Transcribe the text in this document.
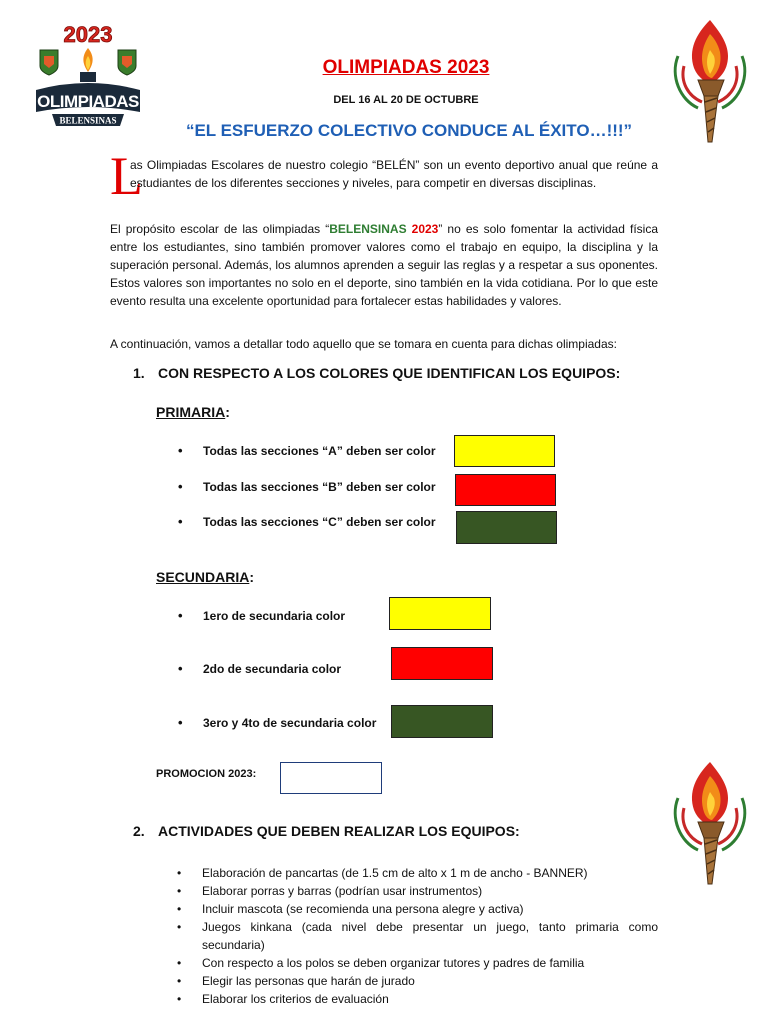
2023
OLIMPIADAS
BELENSINAS
OLIMPIADAS 2023
DEL 16 AL 20 DE OCTUBRE
“EL ESFUERZO COLECTIVO CONDUCE AL ÉXITO…!!!”
L
as Olimpiadas Escolares de nuestro colegio “BELÉN” son un evento deportivo anual que reúne a estudiantes de los diferentes secciones y niveles, para competir en diversas disciplinas.
El propósito escolar de las olimpiadas “BELENSINAS 2023” no es solo fomentar la actividad física entre los estudiantes, sino también promover valores como el trabajo en equipo, la disciplina y la superación personal. Además, los alumnos aprenden a seguir las reglas y a respetar a sus oponentes. Estos valores son importantes no solo en el deporte, sino también en la vida cotidiana. Por lo que este evento resulta una excelente oportunidad para fortalecer estas habilidades y valores.
A continuación, vamos a detallar todo aquello que se tomara en cuenta para dichas olimpiadas:
1. CON RESPECTO A LOS COLORES QUE IDENTIFICAN LOS EQUIPOS:
PRIMARIA:
• Todas las secciones “A” deben ser color
• Todas las secciones “B” deben ser color
• Todas las secciones “C” deben ser color
SECUNDARIA:
• 1ero de secundaria color
• 2do de secundaria color
• 3ero y 4to de secundaria color
PROMOCION 2023:
2. ACTIVIDADES QUE DEBEN REALIZAR LOS EQUIPOS:
• Elaboración de pancartas (de 1.5 cm de alto x 1 m de ancho - BANNER)
• Elaborar porras y barras (podrían usar instrumentos)
• Incluir mascota (se recomienda una persona alegre y activa)
• Juegos kinkana (cada nivel debe presentar un juego, tanto primaria como secundaria)
• Con respecto a los polos se deben organizar tutores y padres de familia
• Elegir las personas que harán de jurado
• Elaborar los criterios de evaluación
